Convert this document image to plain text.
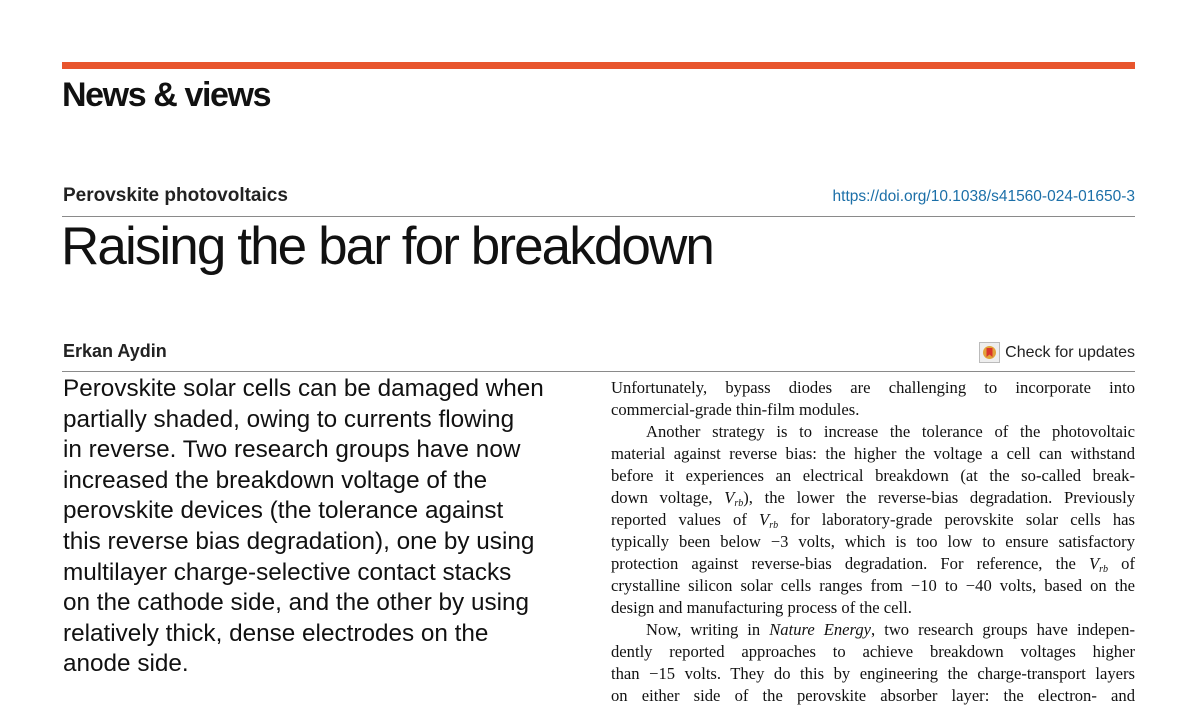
News & views
Perovskite photovoltaics	https://doi.org/10.1038/s41560-024-01650-3
Raising the bar for breakdown
Erkan Aydin	Check for updates

Perovskite solar cells can be damaged when
partially shaded, owing to currents flowing
in reverse. Two research groups have now
increased the breakdown voltage of the
perovskite devices (the tolerance against
this reverse bias degradation), one by using
multilayer charge-selective contact stacks
on the cathode side, and the other by using
relatively thick, dense electrodes on the
anode side.

Unfortunately, bypass diodes are challenging to incorporate into
commercial-grade thin-film modules.
Another strategy is to increase the tolerance of the photovoltaic
material against reverse bias: the higher the voltage a cell can withstand
before it experiences an electrical breakdown (at the so-called break-
down voltage, $V_{rb}$), the lower the reverse-bias degradation. Previously
reported values of $V_{rb}$ for laboratory-grade perovskite solar cells has
typically been below −3 volts, which is too low to ensure satisfactory
protection against reverse-bias degradation. For reference, the $V_{rb}$ of
crystalline silicon solar cells ranges from −10 to −40 volts, based on the
design and manufacturing process of the cell.
Now, writing in Nature Energy, two research groups have indepen-
dently reported approaches to achieve breakdown voltages higher
than −15 volts. They do this by engineering the charge-transport layers
on either side of the perovskite absorber layer: the electron- and
